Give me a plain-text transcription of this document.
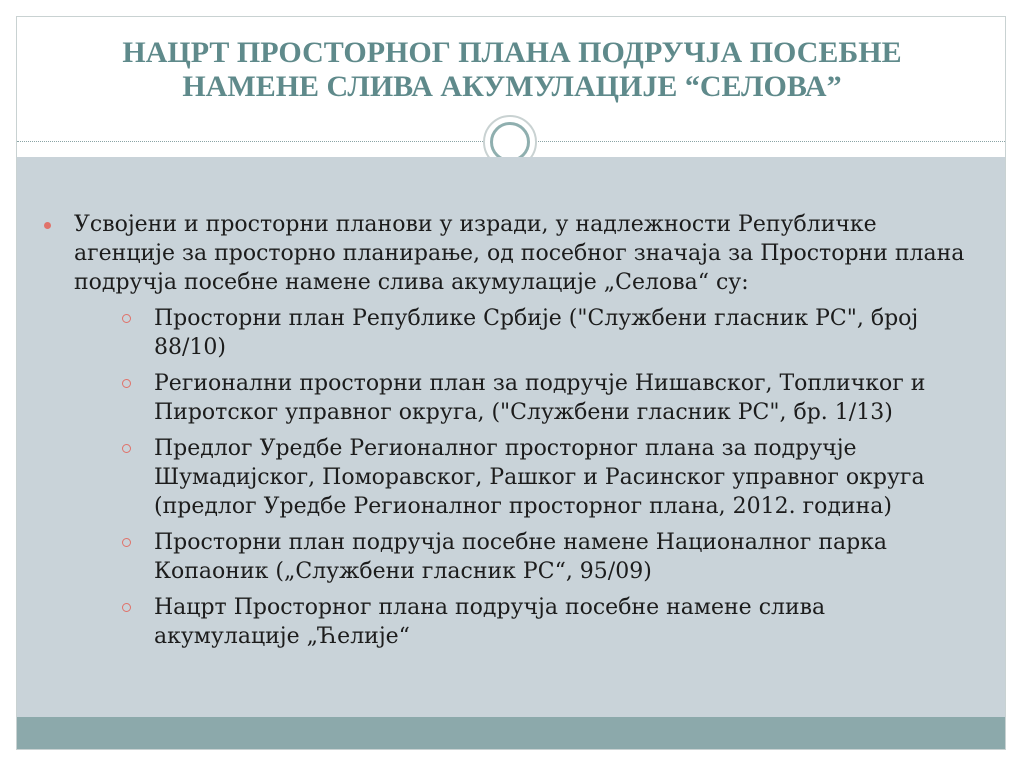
НАЦРТ ПРОСТОРНОГ ПЛАНА ПОДРУЧЈА ПОСЕБНЕ

НАМЕНЕ СЛИВА АКУМУЛАЦИЈЕ “СЕЛОВА”

Усвојени и просторни планови у изради, у надлежности Републичке агенције за просторно планирање, од посебног значаја за Просторни плана подручја посебне намене слива акумулације „Селова“ су:
Просторни план Републике Србије ("Службени гласник РС", број 88/10)
Регионални просторни план за подручје Нишавског, Топличког и Пиротског управног округа, ("Службени гласник РС", бр. 1/13)
Предлог Уредбе Регионалног просторног плана за подручје Шумадијског, Поморавског, Рашког и Расинског управног округа (предлог Уредбе Регионалног просторног плана, 2012. година)
Просторни план подручја посебне намене Националног парка Копаоник („Службени гласник РС“, 95/09)
Нацрт Просторног плана подручја посебне намене слива акумулације „Ћелије“
